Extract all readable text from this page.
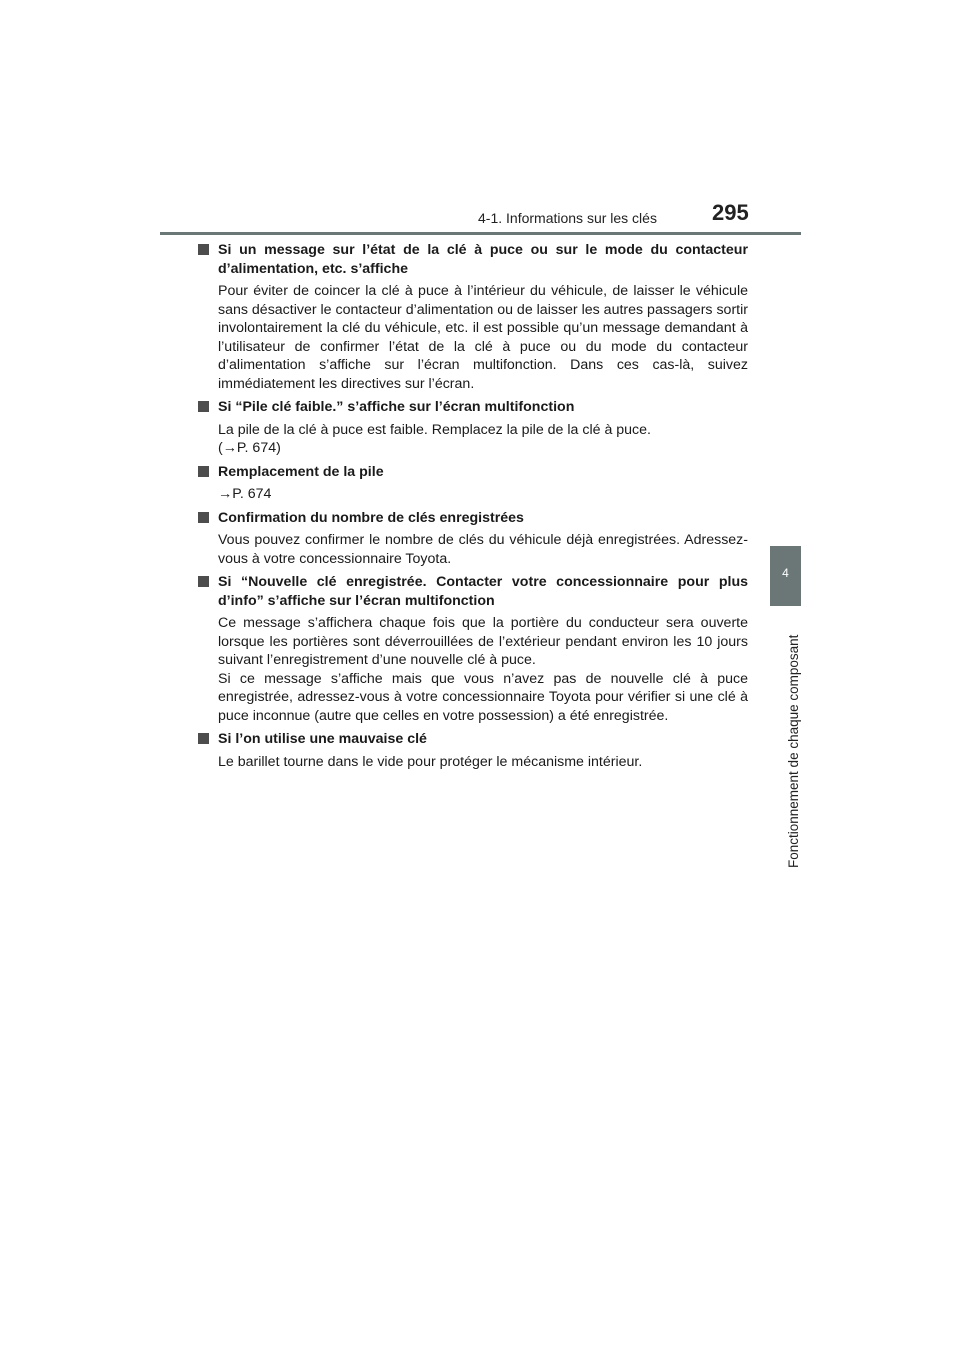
4-1. Informations sur les clés	295
4
Fonctionnement de chaque composant
Si un message sur l’état de la clé à puce ou sur le mode du contacteur d’alimentation, etc. s’affiche

Pour éviter de coincer la clé à puce à l’intérieur du véhicule, de laisser le véhicule sans désactiver le contacteur d’alimentation ou de laisser les autres passagers sortir involontairement la clé du véhicule, etc. il est possible qu’un message demandant à l’utilisateur de confirmer l’état de la clé à puce ou du mode du contacteur d’alimentation s’affiche sur l’écran multifonction. Dans ces cas-là, suivez immédiatement les directives sur l’écran.

Si “Pile clé faible.” s’affiche sur l’écran multifonction

La pile de la clé à puce est faible. Remplacez la pile de la clé à puce.

(→P. 674)

Remplacement de la pile

→P. 674

Confirmation du nombre de clés enregistrées

Vous pouvez confirmer le nombre de clés du véhicule déjà enregistrées. Adressez-vous à votre concessionnaire Toyota.

Si “Nouvelle clé enregistrée. Contacter votre concessionnaire pour plus d’info” s’affiche sur l’écran multifonction

Ce message s’affichera chaque fois que la portière du conducteur sera ouverte lorsque les portières sont déverrouillées de l’extérieur pendant environ les 10 jours suivant l’enregistrement d’une nouvelle clé à puce.

Si ce message s’affiche mais que vous n’avez pas de nouvelle clé à puce enregistrée, adressez-vous à votre concessionnaire Toyota pour vérifier si une clé à puce inconnue (autre que celles en votre possession) a été enregistrée.

Si l’on utilise une mauvaise clé

Le barillet tourne dans le vide pour protéger le mécanisme intérieur.
